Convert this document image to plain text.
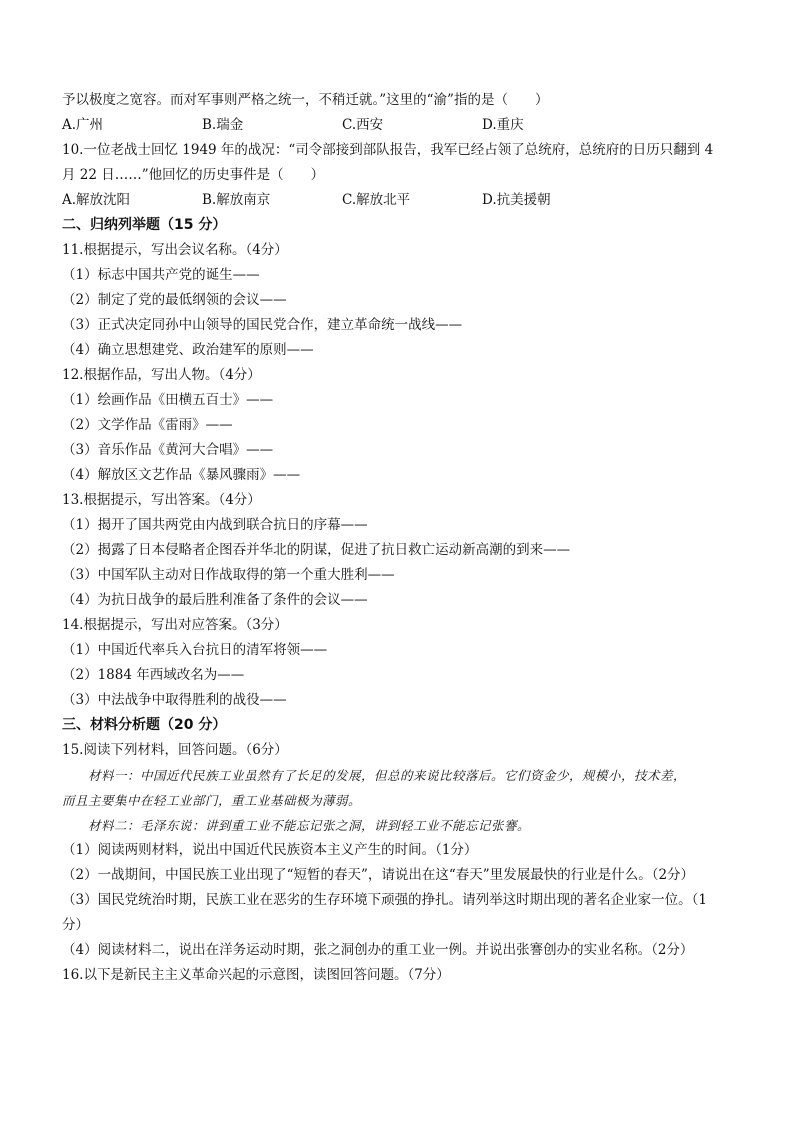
予以极度之宽容。而对军事则严格之统一，不稍迁就。”这里的“渝”指的是（　　）
A.广州	B.瑞金	C.西安	D.重庆
10.一位老战士回忆 1949 年的战况：“司令部接到部队报告，我军已经占领了总统府，总统府的日历只翻到 4
月 22 日……”他回忆的历史事件是（　　）
A.解放沈阳	B.解放南京	C.解放北平	D.抗美援朝
二、归纳列举题（15 分）
11.根据提示，写出会议名称。（4分）
（1）标志中国共产党的诞生——
（2）制定了党的最低纲领的会议——
（3）正式决定同孙中山领导的国民党合作，建立革命统一战线——
（4）确立思想建党、政治建军的原则——
12.根据作品，写出人物。（4分）
（1）绘画作品《田横五百士》——
（2）文学作品《雷雨》——
（3）音乐作品《黄河大合唱》——
（4）解放区文艺作品《暴风骤雨》——
13.根据提示，写出答案。（4分）
（1）揭开了国共两党由内战到联合抗日的序幕——
（2）揭露了日本侵略者企图吞并华北的阴谋，促进了抗日救亡运动新高潮的到来——
（3）中国军队主动对日作战取得的第一个重大胜利——
（4）为抗日战争的最后胜利准备了条件的会议——
14.根据提示，写出对应答案。（3分）
（1）中国近代率兵入台抗日的清军将领——
（2）1884 年西域改名为——
（3）中法战争中取得胜利的战役——
三、材料分析题（20 分）
15.阅读下列材料，回答问题。（6分）
材料一：中国近代民族工业虽然有了长足的发展，但总的来说比较落后。它们资金少，规模小，技术差，
而且主要集中在轻工业部门，重工业基础极为薄弱。
材料二：毛泽东说：讲到重工业不能忘记张之洞，讲到轻工业不能忘记张謇。
（1）阅读两则材料，说出中国近代民族资本主义产生的时间。（1分）
（2）一战期间，中国民族工业出现了“短暂的春天”，请说出在这“春天”里发展最快的行业是什么。（2分）
（3）国民党统治时期，民族工业在恶劣的生存环境下顽强的挣扎。请列举这时期出现的著名企业家一位。（1
分）
（4）阅读材料二，说出在洋务运动时期，张之洞创办的重工业一例。并说出张謇创办的实业名称。（2分）
16.以下是新民主主义革命兴起的示意图，读图回答问题。（7分）
